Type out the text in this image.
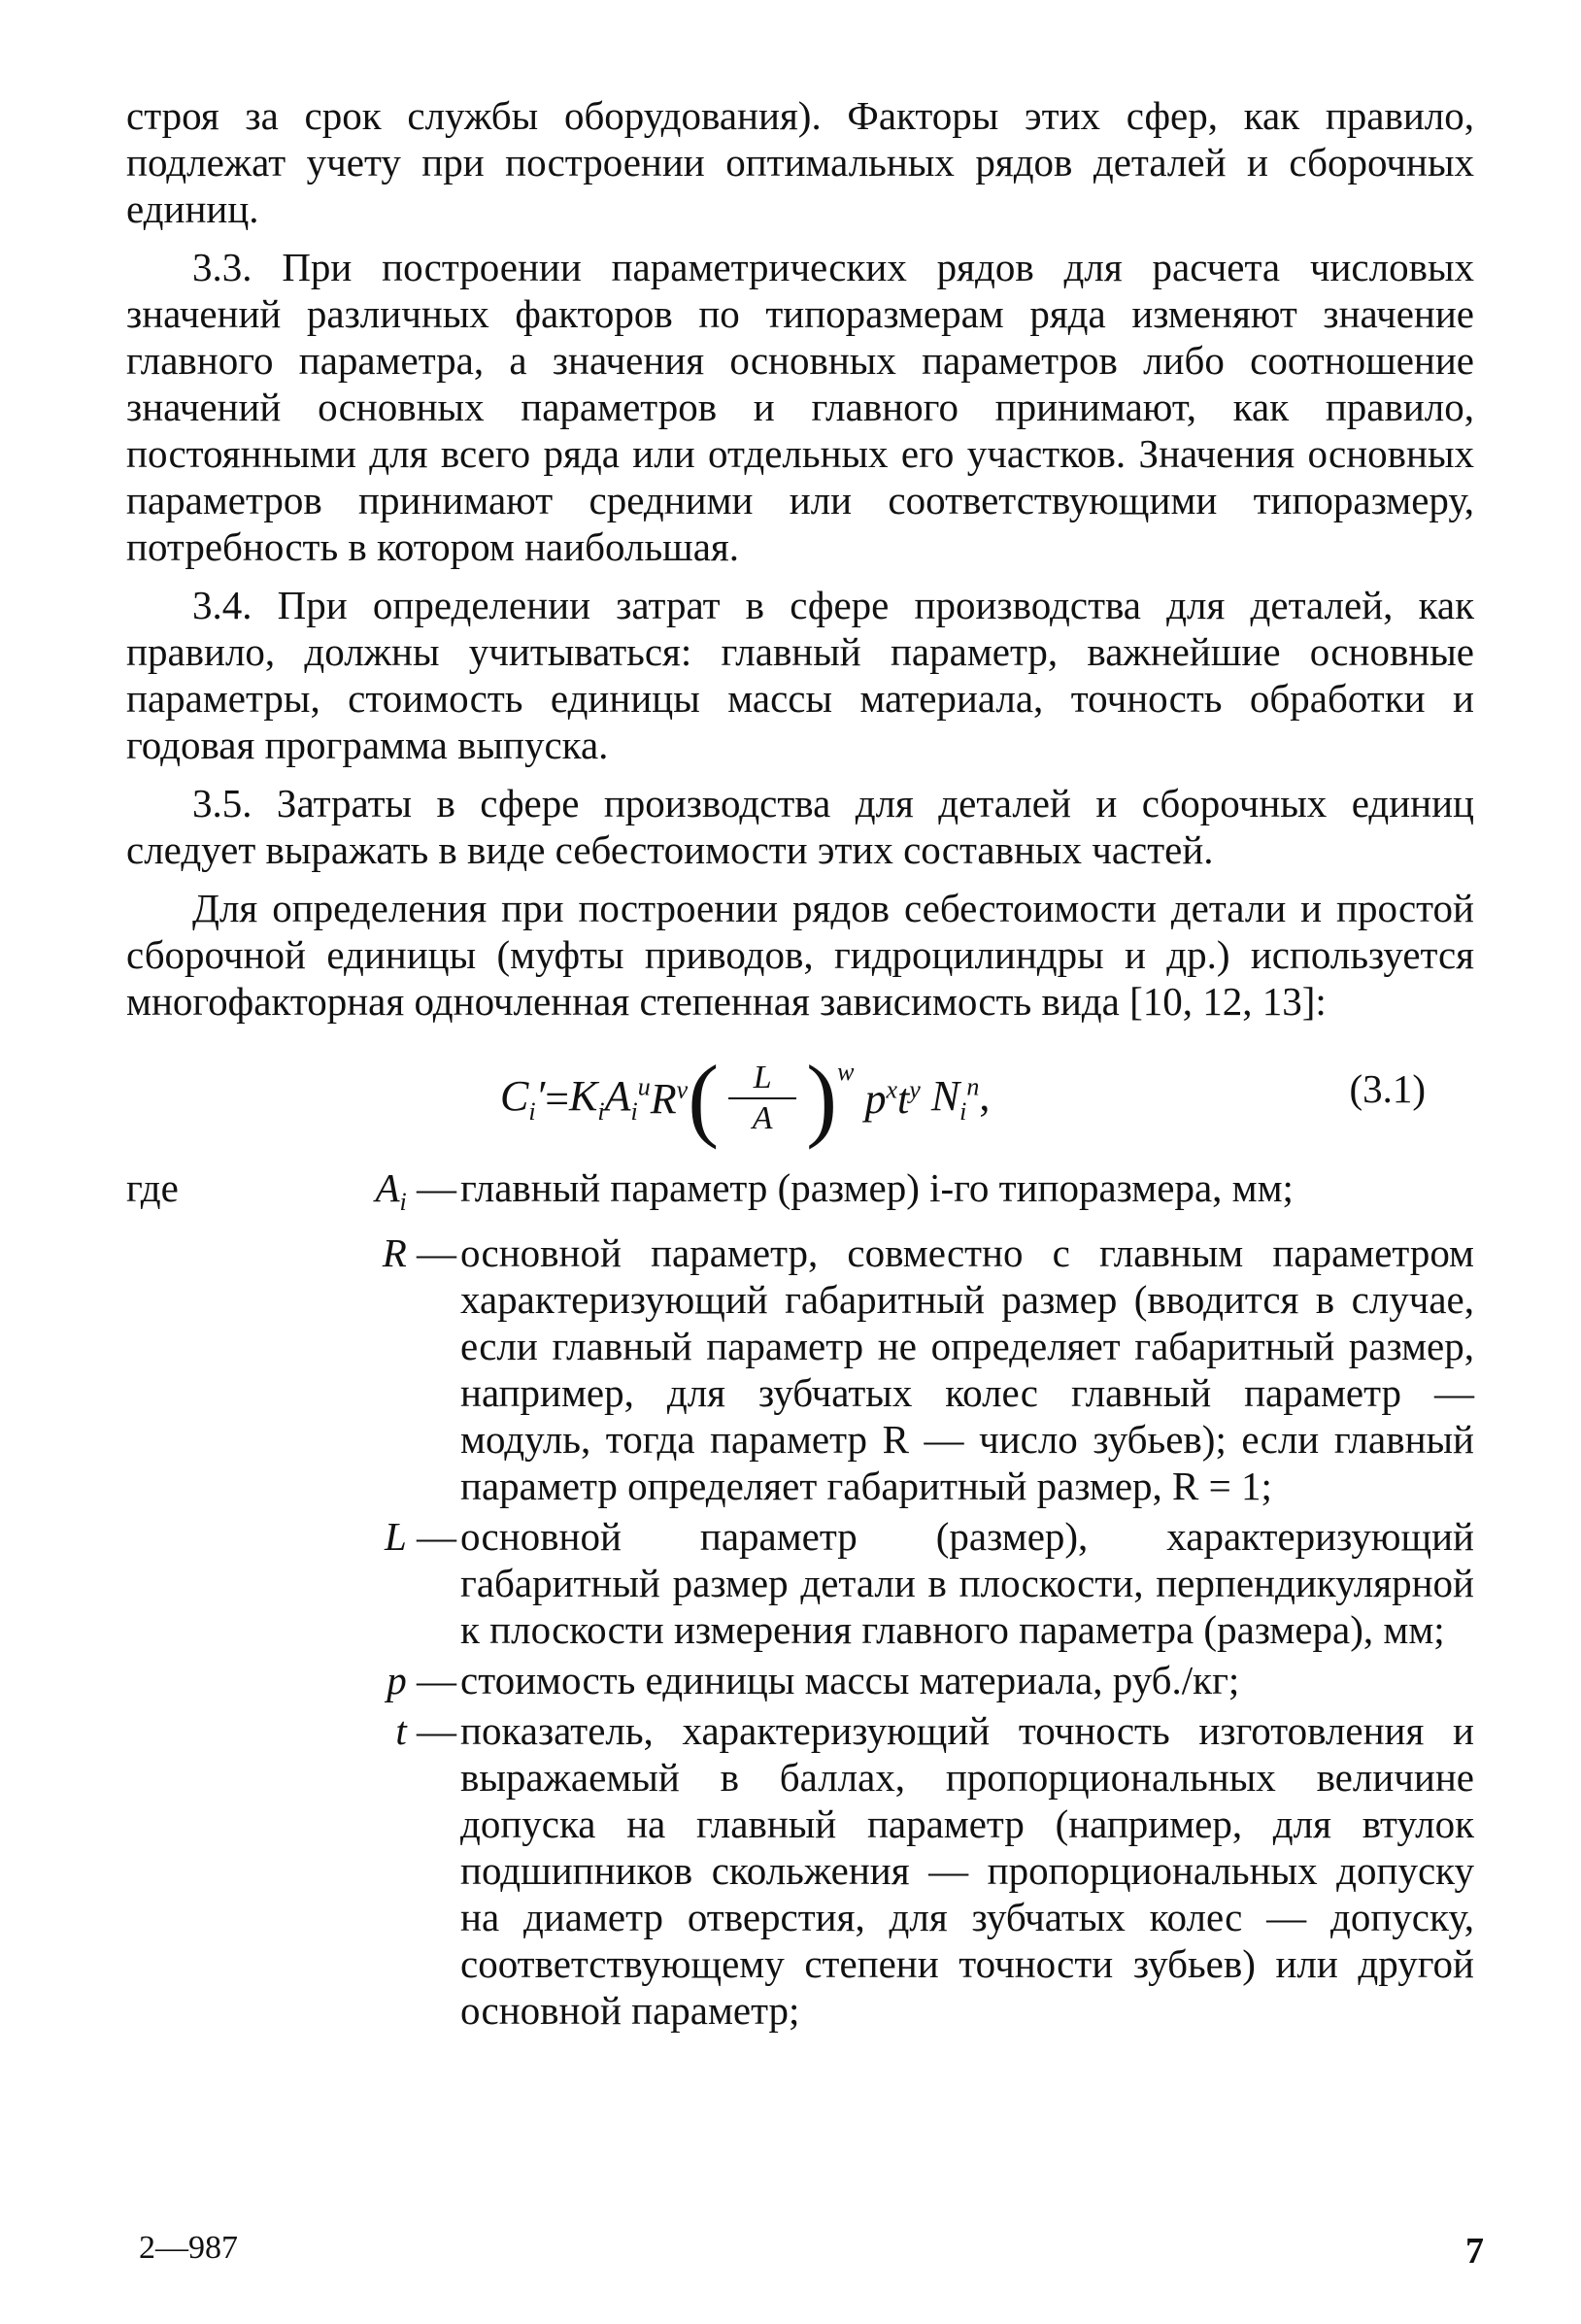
строя за срок службы оборудования). Факторы этих сфер, как правило, подлежат учету при построении оптимальных рядов деталей и сборочных единиц.

3.3. При построении параметрических рядов для расчета числовых значений различных факторов по типоразмерам ряда изменяют значение главного параметра, а значения основных параметров либо соотношение значений основных параметров и главного принимают, как правило, постоянными для всего ряда или отдельных его участков. Значения основных параметров принимают средними или соответствующими типоразмеру, потребность в котором наибольшая.

3.4. При определении затрат в сфере производства для деталей, как правило, должны учитываться: главный параметр, важнейшие основные параметры, стоимость единицы массы материала, точность обработки и годовая программа выпуска.

3.5. Затраты в сфере производства для деталей и сборочных единиц следует выражать в виде себестоимости этих составных частей.

Для определения при построении рядов себестоимости детали и простой сборочной единицы (муфты приводов, гидроцилиндры и др.) используется многофакторная одночленная степенная зависимость вида [10, 12, 13]:

$C_i' = K_i$ $A_i^u$ $R^v$ ( $\frac{L}{A} )^w$
$p^x$ $t^y$ $N_i^n$,	(3.1)
где	$A_i$ — главный параметр (размер) i-го типоразмера, мм;
R — основной параметр, совместно с главным параметром характеризующий габаритный размер (вводится в случае, если главный параметр не определяет габаритный размер, например, для зубчатых колес главный параметр — модуль, тогда параметр R — число зубьев); если главный параметр определяет габаритный размер, R = 1;
L — основной параметр (размер), характеризующий габаритный размер детали в плоскости, перпендикулярной к плоскости измерения главного параметра (размера), мм;
p — стоимость единицы массы материала, руб./кг;
t — показатель, характеризующий точность изготовления и выражаемый в баллах, пропорциональных величине допуска на главный параметр (например, для втулок подшипников скольжения — пропорциональных допуску на диаметр отверстия, для зубчатых колес — допуску, соответствующему степени точности зубьев) или другой основной параметр;
2—987	7
